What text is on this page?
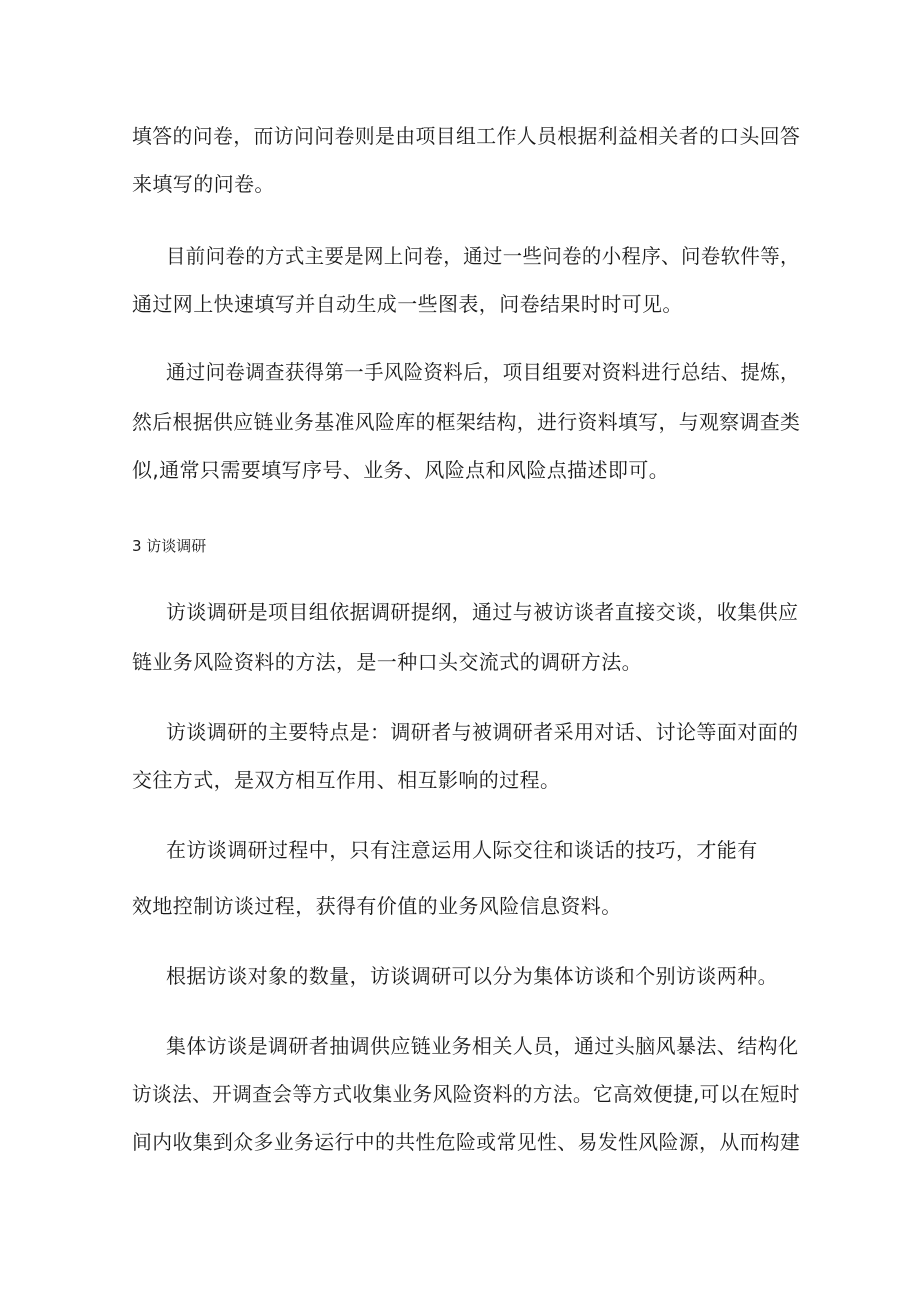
填答的问卷，而访问问卷则是由项目组工作人员根据利益相关者的口头回答
来填写的问卷。
目前问卷的方式主要是网上问卷，通过一些问卷的小程序、问卷软件等，
通过网上快速填写并自动生成一些图表，问卷结果时时可见。
通过问卷调查获得第一手风险资料后，项目组要对资料进行总结、提炼，
然后根据供应链业务基准风险库的框架结构，进行资料填写，与观察调查类
似,通常只需要填写序号、业务、风险点和风险点描述即可。
3 访谈调研
访谈调研是项目组依据调研提纲，通过与被访谈者直接交谈，收集供应
链业务风险资料的方法，是一种口头交流式的调研方法。
访谈调研的主要特点是：调研者与被调研者采用对话、讨论等面对面的
交往方式，是双方相互作用、相互影响的过程。
在访谈调研过程中，只有注意运用人际交往和谈话的技巧，才能有
效地控制访谈过程，获得有价值的业务风险信息资料。
根据访谈对象的数量，访谈调研可以分为集体访谈和个别访谈两种。
集体访谈是调研者抽调供应链业务相关人员，通过头脑风暴法、结构化
访谈法、开调查会等方式收集业务风险资料的方法。它高效便捷,可以在短时
间内收集到众多业务运行中的共性危险或常见性、易发性风险源，从而构建
